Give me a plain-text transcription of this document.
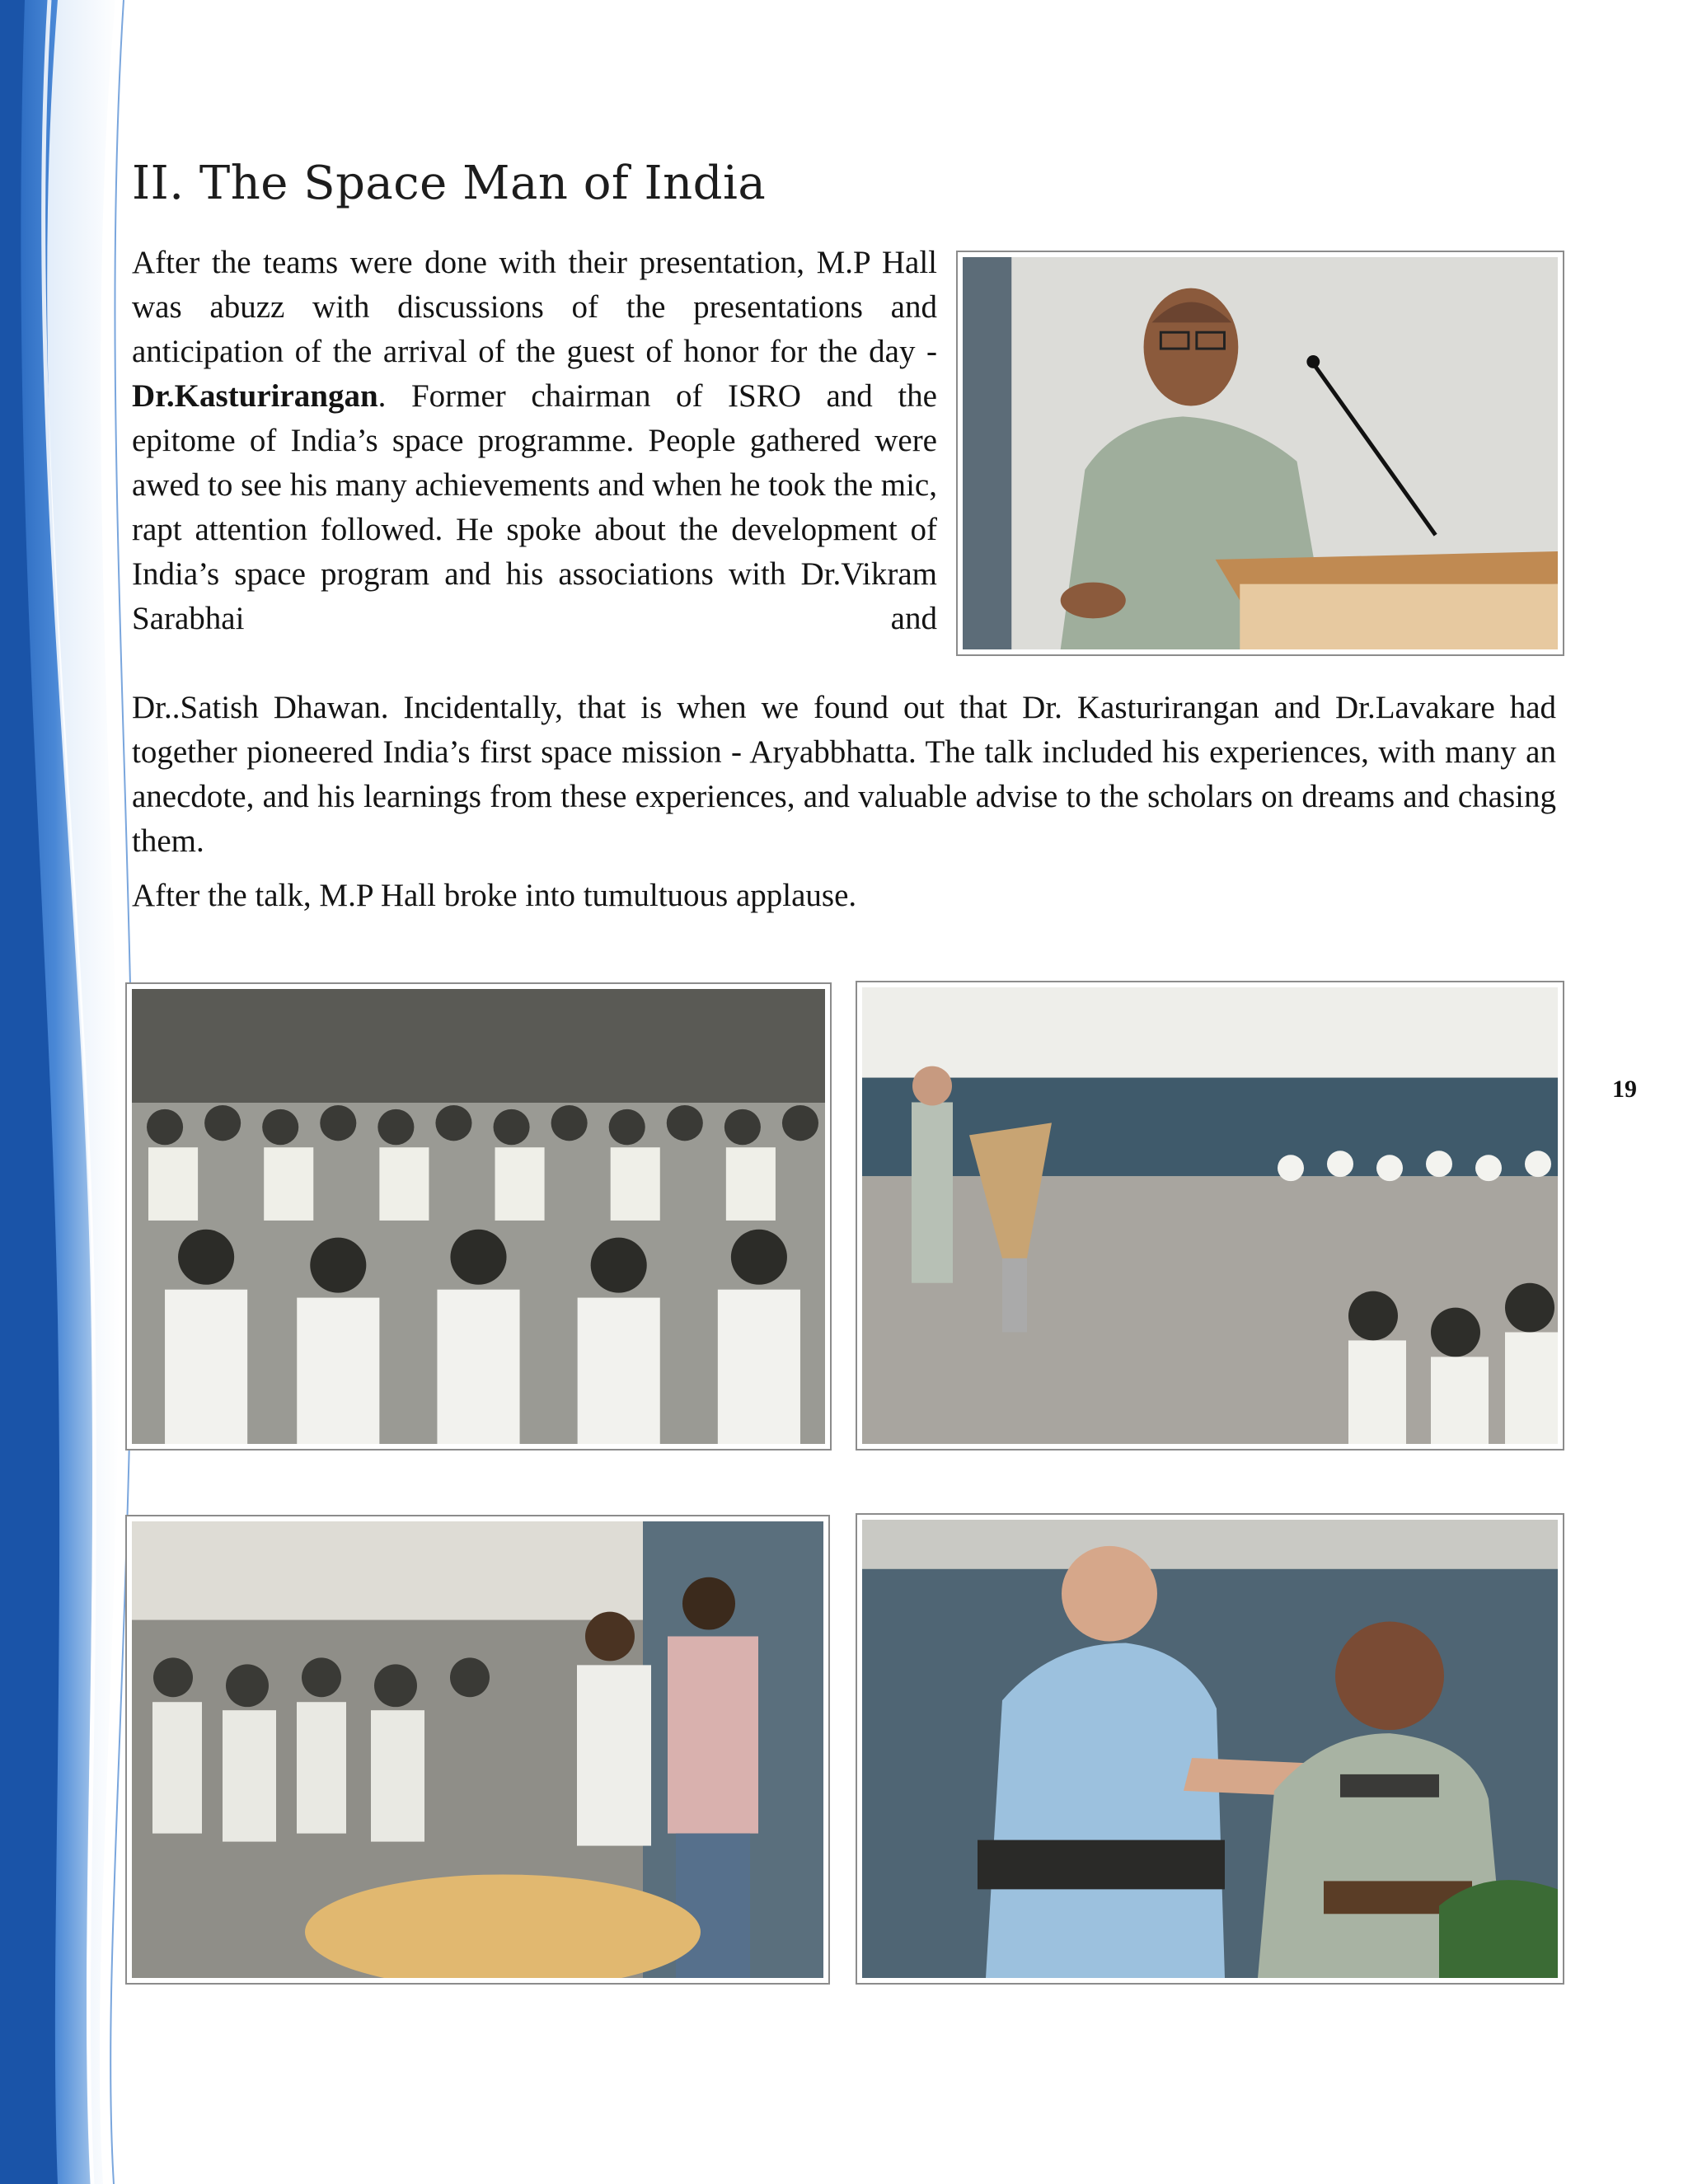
II. The Space Man of India

After the teams were done with their presentation, M.P Hall was abuzz with discussions of the presentations and anticipation of the arrival of the guest of honor for the day - Dr.Kasturirangan. Former chairman of ISRO and the epitome of India’s space programme. People gathered were awed to see his many achievements and when he took the mic, rapt attention followed. He spoke about the development of India’s space program and his associations with Dr.Vikram Sarabhai and

Dr..Satish Dhawan. Incidentally, that is when we found out that Dr. Kasturirangan and Dr.Lavakare had together pioneered India’s first space mission - Aryabbhatta. The talk included his experiences, with many an anecdote, and his learnings from these experiences, and valuable advise to the scholars on dreams and chasing them.

After the talk, M.P Hall broke into tumultuous applause.

19
